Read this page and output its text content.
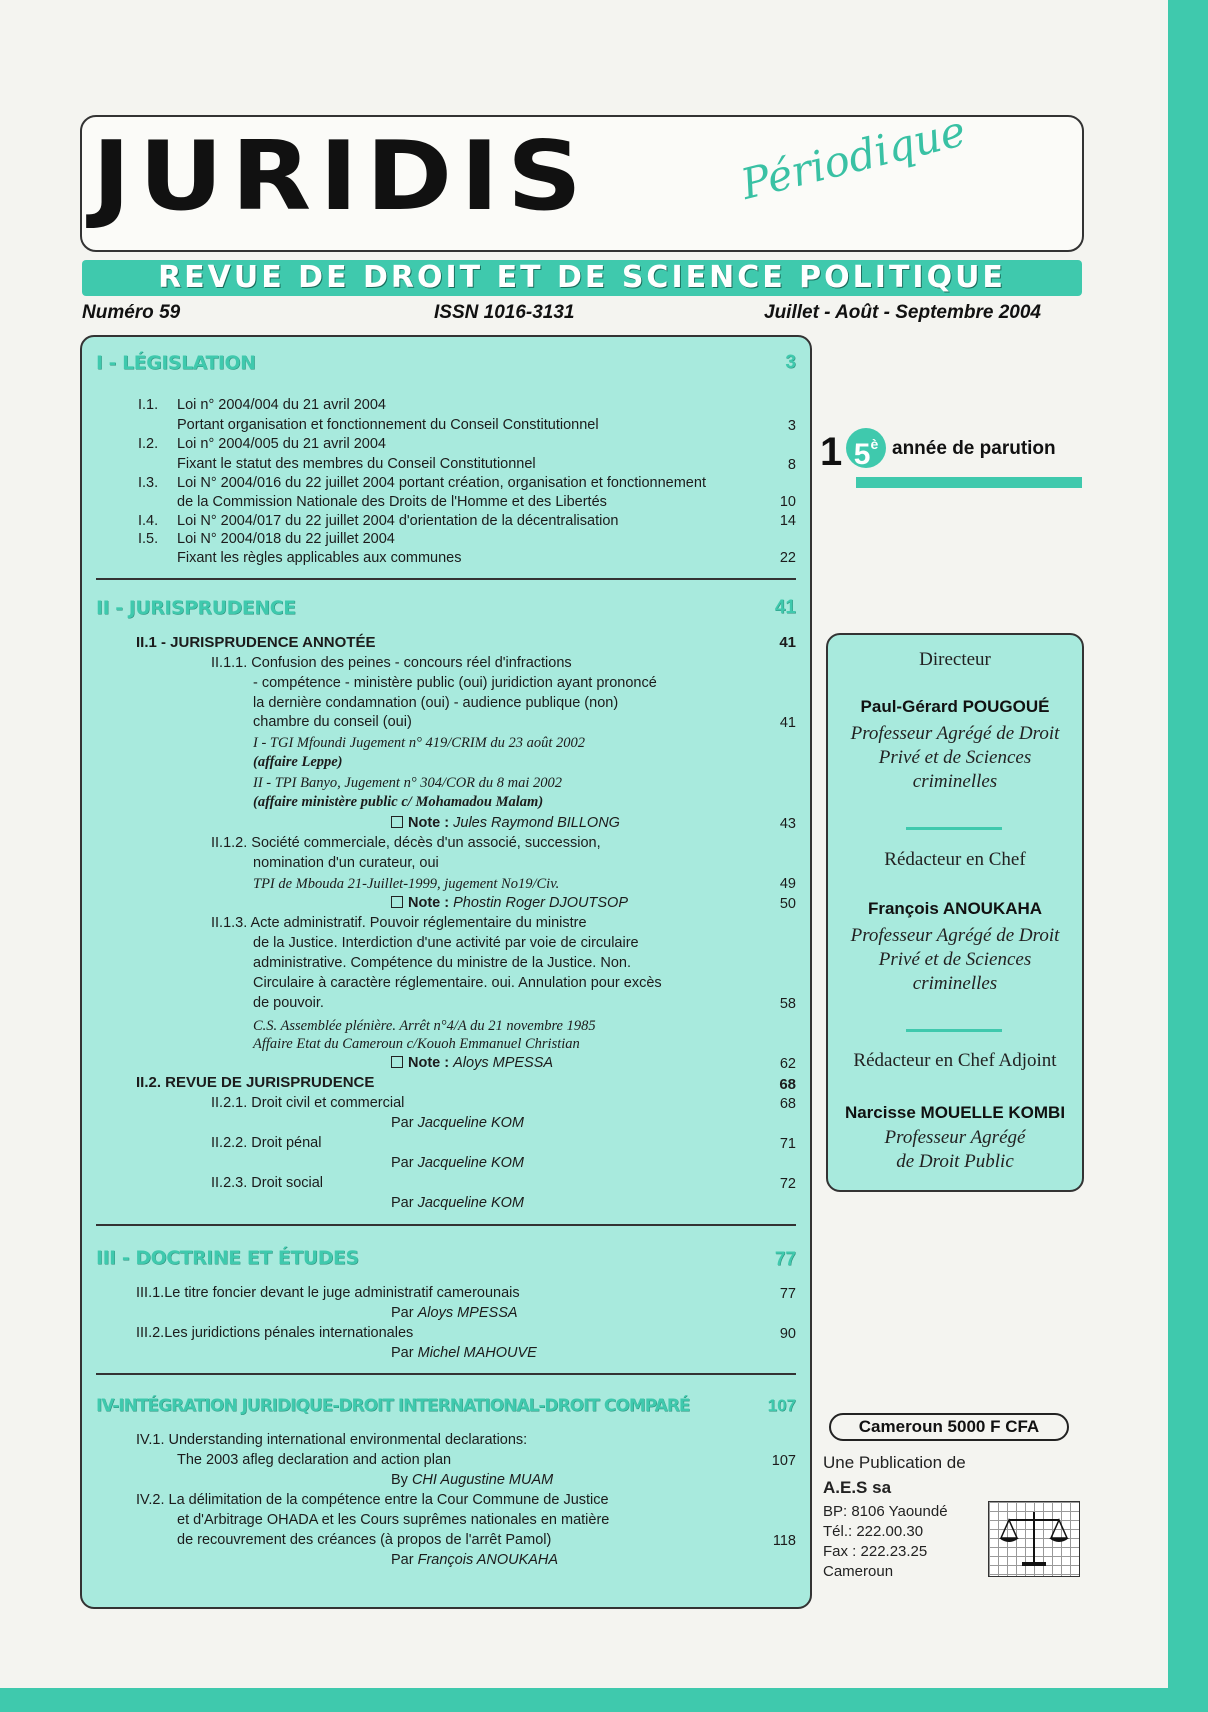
JURIDIS	Périodique
REVUE DE DROIT ET DE SCIENCE POLITIQUE
Numéro 59	ISSN 1016-3131	Juillet - Août - Septembre 2004
I - LÉGISLATION	3
I.1. Loi n° 2004/004 du 21 avril 2004
Portant organisation et fonctionnement du Conseil Constitutionnel	3
I.2. Loi n° 2004/005 du 21 avril 2004
Fixant le statut des membres du Conseil Constitutionnel	8
I.3. Loi N° 2004/016 du 22 juillet 2004 portant création, organisation et fonctionnement
de la Commission Nationale des Droits de l'Homme et des Libertés	10
I.4. Loi N° 2004/017 du 22 juillet 2004 d'orientation de la décentralisation	14
I.5. Loi N° 2004/018 du 22 juillet 2004
Fixant les règles applicables aux communes	22
II - JURISPRUDENCE	41
II.1 - JURISPRUDENCE ANNOTÉE	41
II.1.1. Confusion des peines - concours réel d'infractions
- compétence - ministère public (oui) juridiction ayant prononcé
la dernière condamnation (oui) - audience publique (non)
chambre du conseil (oui)	41
I - TGI Mfoundi Jugement n° 419/CRIM du 23 août 2002
(affaire Leppe)
II - TPI Banyo, Jugement n° 304/COR du 8 mai 2002
(affaire ministère public c/ Mohamadou Malam)
Note : Jules Raymond BILLONG	43
II.1.2. Société commerciale, décès d'un associé, succession,
nomination d'un curateur, oui
TPI de Mbouda 21-Juillet-1999, jugement No19/Civ.	49
Note : Phostin Roger DJOUTSOP	50
II.1.3. Acte administratif. Pouvoir réglementaire du ministre
de la Justice. Interdiction d'une activité par voie de circulaire
administrative. Compétence du ministre de la Justice. Non.
Circulaire à caractère réglementaire. oui. Annulation pour excès
de pouvoir.	58
C.S. Assemblée plénière. Arrêt n°4/A du 21 novembre 1985
Affaire Etat du Cameroun c/Kouoh Emmanuel Christian
Note : Aloys MPESSA	62
II.2. REVUE DE JURISPRUDENCE	68
II.2.1. Droit civil et commercial	68
Par Jacqueline KOM
II.2.2. Droit pénal	71
Par Jacqueline KOM
II.2.3. Droit social	72
Par Jacqueline KOM
III - DOCTRINE ET ÉTUDES	77
III.1.Le titre foncier devant le juge administratif camerounais	77
Par Aloys MPESSA
III.2.Les juridictions pénales internationales	90
Par Michel MAHOUVE
IV-INTÉGRATION JURIDIQUE-DROIT INTERNATIONAL-DROIT COMPARÉ	107
IV.1. Understanding international environmental declarations:
The 2003 afleg declaration and action plan	107
By CHI Augustine MUAM
IV.2. La délimitation de la compétence entre la Cour Commune de Justice
et d'Arbitrage OHADA et les Cours suprêmes nationales en matière
de recouvrement des créances (à propos de l'arrêt Pamol)	118
Par François ANOUKAHA
1 $5^è$ année de parution
Directeur
Paul-Gérard POUGOUÉ
Professeur Agrégé de Droit
Privé et de Sciences
criminelles
Rédacteur en Chef
François ANOUKAHA
Professeur Agrégé de Droit
Privé et de Sciences
criminelles
Rédacteur en Chef Adjoint
Narcisse MOUELLE KOMBI
Professeur Agrégé
de Droit Public
Cameroun 5000 F CFA
Une Publication de
A.E.S sa
BP: 8106 Yaoundé
Tél.: 222.00.30
Fax : 222.23.25
Cameroun
